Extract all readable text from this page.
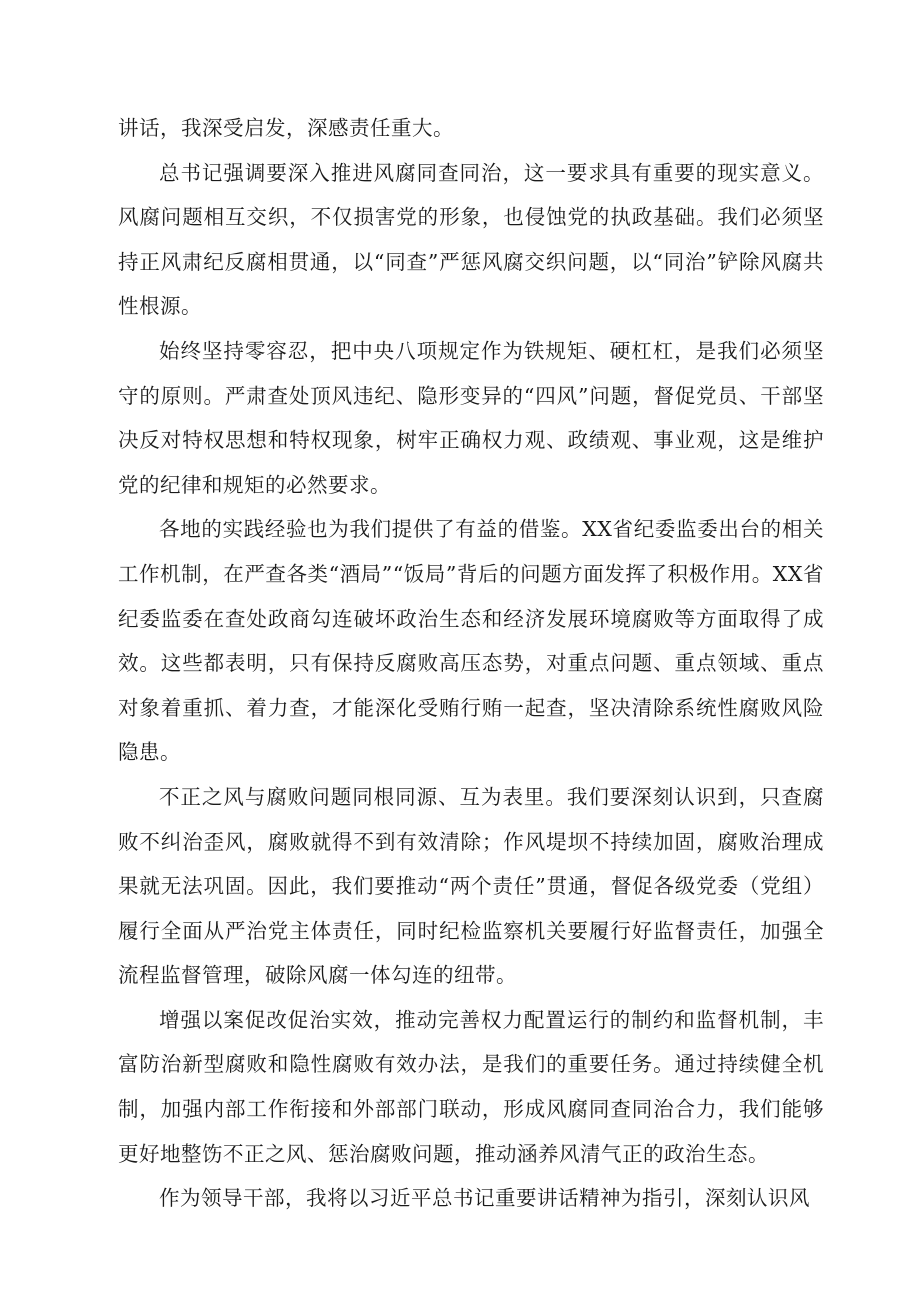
讲话，我深受启发，深感责任重大。

总书记强调要深入推进风腐同查同治，这一要求具有重要的现实意义。风腐问题相互交织，不仅损害党的形象，也侵蚀党的执政基础。我们必须坚持正风肃纪反腐相贯通，以“同查”严惩风腐交织问题，以“同治”铲除风腐共性根源。

始终坚持零容忍，把中央八项规定作为铁规矩、硬杠杠，是我们必须坚守的原则。严肃查处顶风违纪、隐形变异的“四风”问题，督促党员、干部坚决反对特权思想和特权现象，树牢正确权力观、政绩观、事业观，这是维护党的纪律和规矩的必然要求。

各地的实践经验也为我们提供了有益的借鉴。XX省纪委监委出台的相关工作机制，在严查各类“酒局”“饭局”背后的问题方面发挥了积极作用。XX省纪委监委在查处政商勾连破坏政治生态和经济发展环境腐败等方面取得了成效。这些都表明，只有保持反腐败高压态势，对重点问题、重点领域、重点对象着重抓、着力查，才能深化受贿行贿一起查，坚决清除系统性腐败风险隐患。

不正之风与腐败问题同根同源、互为表里。我们要深刻认识到，只查腐败不纠治歪风，腐败就得不到有效清除；作风堤坝不持续加固，腐败治理成果就无法巩固。因此，我们要推动“两个责任”贯通，督促各级党委（党组）履行全面从严治党主体责任，同时纪检监察机关要履行好监督责任，加强全流程监督管理，破除风腐一体勾连的纽带。

增强以案促改促治实效，推动完善权力配置运行的制约和监督机制，丰富防治新型腐败和隐性腐败有效办法，是我们的重要任务。通过持续健全机制，加强内部工作衔接和外部部门联动，形成风腐同查同治合力，我们能够更好地整饬不正之风、惩治腐败问题，推动涵养风清气正的政治生态。

作为领导干部，我将以习近平总书记重要讲话精神为指引，深刻认识风
